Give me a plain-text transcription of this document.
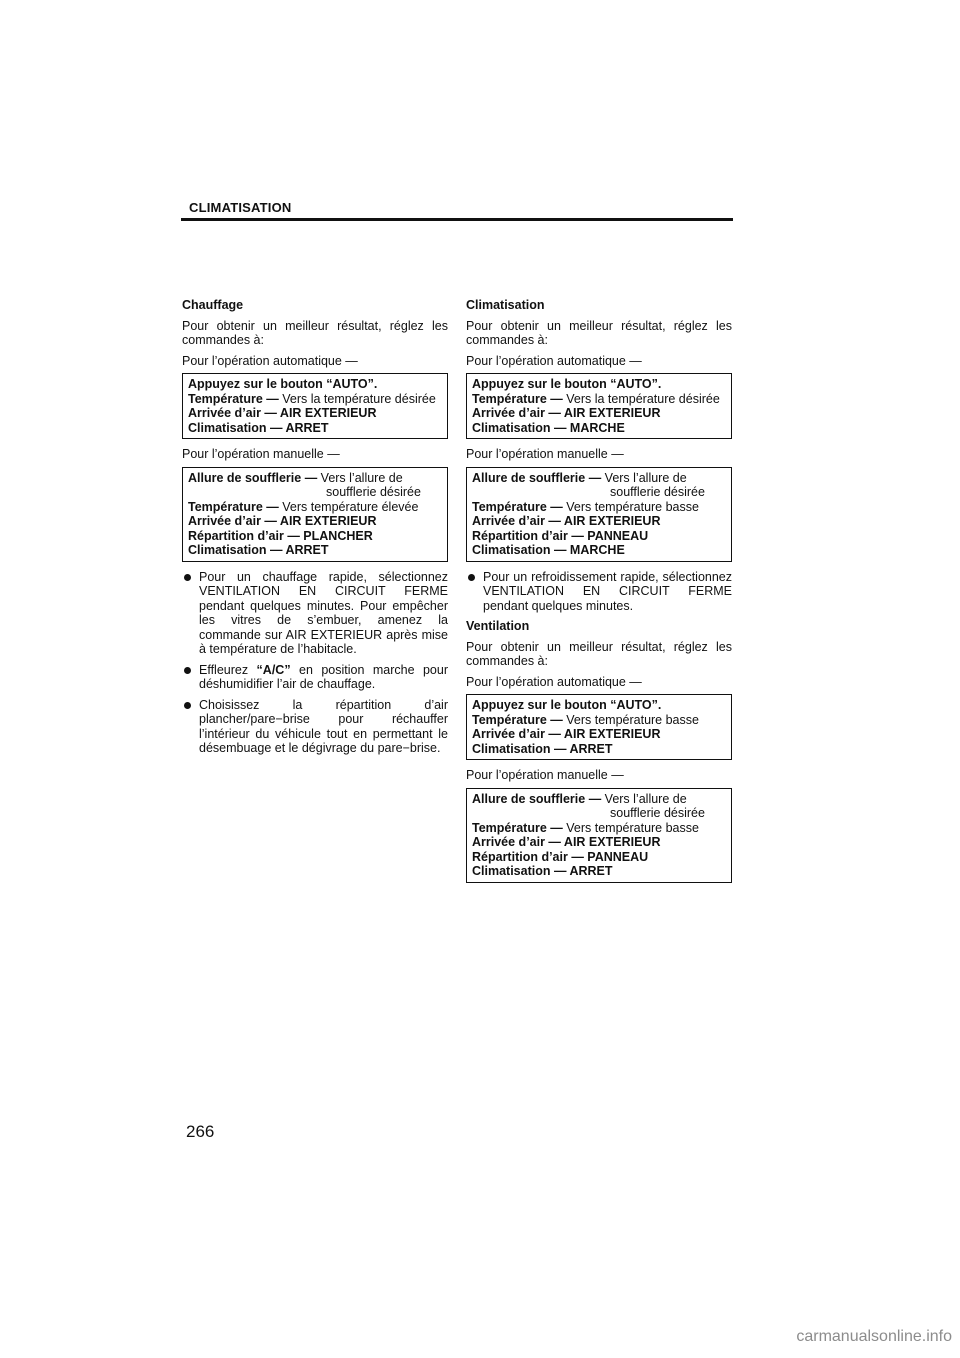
CLIMATISATION
Chauffage
Pour obtenir un meilleur résultat, réglez les commandes à:
Pour l’opération automatique —
Appuyez sur le bouton “AUTO”.
Température — Vers la température désirée
Arrivée d’air — AIR EXTERIEUR
Climatisation — ARRET
Pour l’opération manuelle —
Allure de soufflerie — Vers l’allure de
soufflerie désirée
Température — Vers température élevée
Arrivée d’air — AIR EXTERIEUR
Répartition d’air — PLANCHER
Climatisation — ARRET
Pour un chauffage rapide, sélectionnez VENTILATION EN CIRCUIT FERME pendant quelques minutes. Pour empêcher les vitres de s’embuer, amenez la commande sur AIR EXTERIEUR après mise à température de l’habitacle.
Effleurez “A/C” en position marche pour déshumidifier l’air de chauffage.
Choisissez la répartition d’air plancher/pare−brise pour réchauffer l’intérieur du véhicule tout en permettant le désembuage et le dégivrage du pare−brise.
Climatisation
Pour obtenir un meilleur résultat, réglez les commandes à:
Pour l’opération automatique —
Appuyez sur le bouton “AUTO”.
Température — Vers la température désirée
Arrivée d’air — AIR EXTERIEUR
Climatisation — MARCHE
Pour l’opération manuelle —
Allure de soufflerie — Vers l’allure de
soufflerie désirée
Température — Vers température basse
Arrivée d’air — AIR EXTERIEUR
Répartition d’air — PANNEAU
Climatisation — MARCHE
Pour un refroidissement rapide, sélectionnez VENTILATION EN CIRCUIT FERME pendant quelques minutes.
Ventilation
Pour obtenir un meilleur résultat, réglez les commandes à:
Pour l’opération automatique —
Appuyez sur le bouton “AUTO”.
Température — Vers température basse
Arrivée d’air — AIR EXTERIEUR
Climatisation — ARRET
Pour l’opération manuelle —
Allure de soufflerie — Vers l’allure de
soufflerie désirée
Température — Vers température basse
Arrivée d’air — AIR EXTERIEUR
Répartition d’air — PANNEAU
Climatisation — ARRET
266
carmanualsonline.info
